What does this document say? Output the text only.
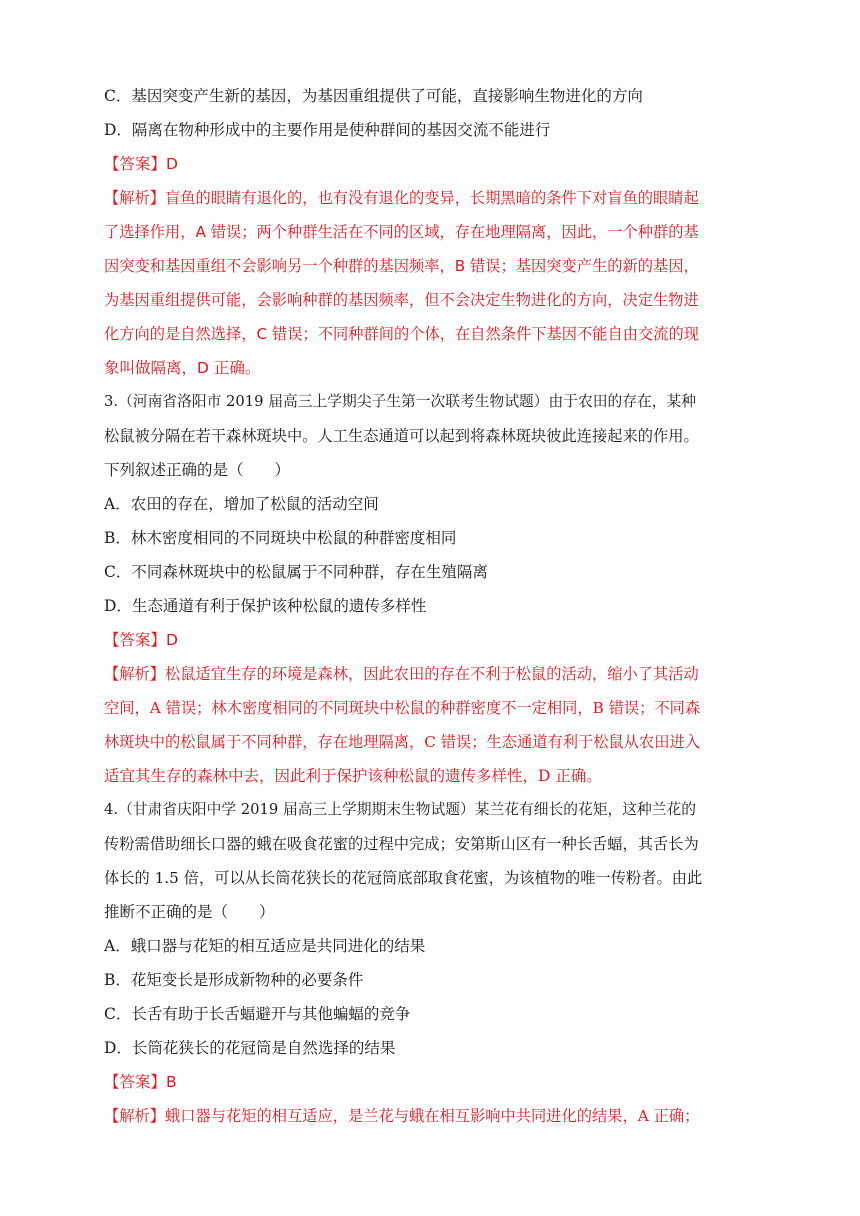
C．基因突变产生新的基因，为基因重组提供了可能，直接影响生物进化的方向
D．隔离在物种形成中的主要作用是使种群间的基因交流不能进行
【答案】D
【解析】盲鱼的眼睛有退化的，也有没有退化的变异，长期黑暗的条件下对盲鱼的眼睛起
了选择作用，A 错误；两个种群生活在不同的区域，存在地理隔离，因此，一个种群的基
因突变和基因重组不会影响另一个种群的基因频率，B 错误；基因突变产生的新的基因，
为基因重组提供可能，会影响种群的基因频率，但不会决定生物进化的方向，决定生物进
化方向的是自然选择，C 错误；不同种群间的个体，在自然条件下基因不能自由交流的现
象叫做隔离，D 正确。
3.（河南省洛阳市 2019 届高三上学期尖子生第一次联考生物试题）由于农田的存在，某种
松鼠被分隔在若干森林斑块中。人工生态通道可以起到将森林斑块彼此连接起来的作用。
下列叙述正确的是（　　）
A．农田的存在，增加了松鼠的活动空间
B．林木密度相同的不同斑块中松鼠的种群密度相同
C．不同森林斑块中的松鼠属于不同种群，存在生殖隔离
D．生态通道有利于保护该种松鼠的遗传多样性
【答案】D
【解析】松鼠适宜生存的环境是森林，因此农田的存在不利于松鼠的活动，缩小了其活动
空间，A 错误；林木密度相同的不同斑块中松鼠的种群密度不一定相同，B 错误；不同森
林斑块中的松鼠属于不同种群，存在地理隔离，C 错误；生态通道有利于松鼠从农田进入
适宜其生存的森林中去，因此利于保护该种松鼠的遗传多样性，D 正确。
4.（甘肃省庆阳中学 2019 届高三上学期期末生物试题）某兰花有细长的花矩，这种兰花的
传粉需借助细长口器的蛾在吸食花蜜的过程中完成；安第斯山区有一种长舌蝠，其舌长为
体长的 1.5 倍，可以从长筒花狭长的花冠筒底部取食花蜜，为该植物的唯一传粉者。由此
推断不正确的是（　　）
A．蛾口器与花矩的相互适应是共同进化的结果
B．花矩变长是形成新物种的必要条件
C．长舌有助于长舌蝠避开与其他蝙蝠的竞争
D．长筒花狭长的花冠筒是自然选择的结果
【答案】B
【解析】蛾口器与花矩的相互适应，是兰花与蛾在相互影响中共同进化的结果，A 正确；
